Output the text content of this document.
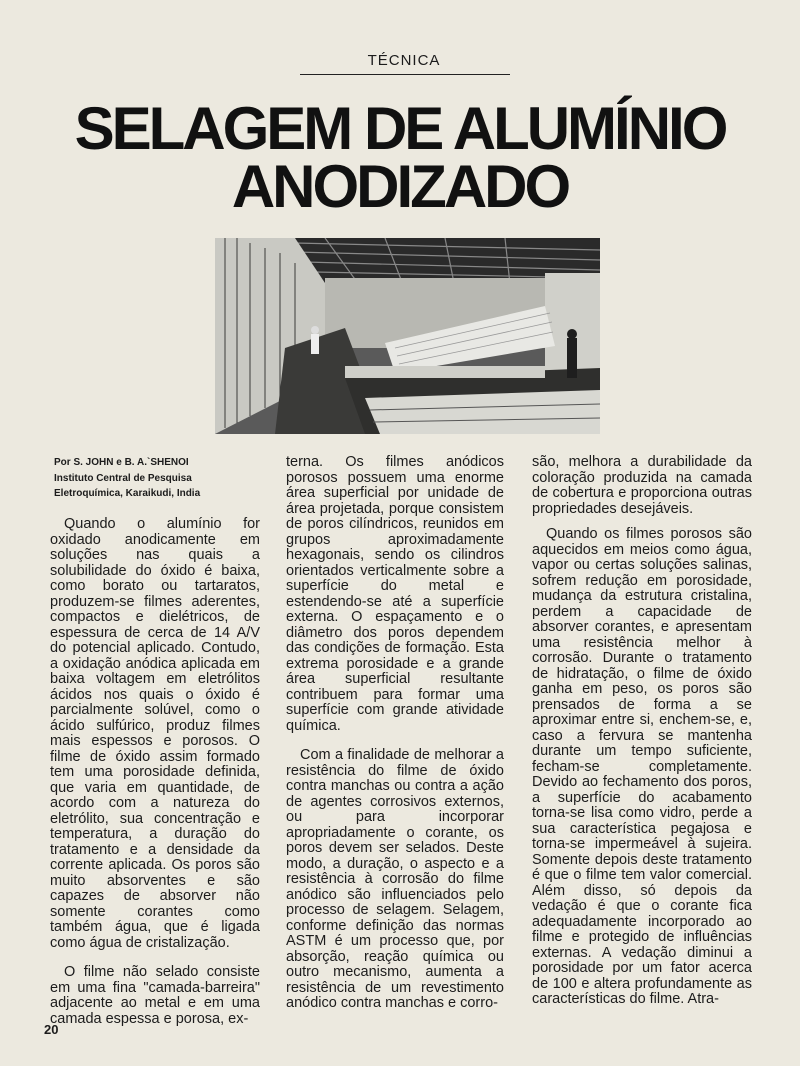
TÉCNICA
SELAGEM DE ALUMÍNIO
ANODIZADO
Por S. JOHN e B. A.`SHENOI
Instituto Central de Pesquisa
Eletroquímica, Karaikudi, India

Quando o alumínio for oxidado anodicamente em soluções nas quais a solubilidade do óxido é baixa, como borato ou tartaratos, produzem-se filmes aderentes, compactos e dielétricos, de espessura de cerca de 14 A/V do potencial aplicado. Contudo, a oxidação anódica aplicada em baixa voltagem em eletrólitos ácidos nos quais o óxido é parcialmente solúvel, como o ácido sulfúrico, produz filmes mais espessos e porosos. O filme de óxido assim formado tem uma porosidade definida, que varia em quantidade, de acordo com a natureza do eletrólito, sua concentração e temperatura, a duração do tratamento e a densidade da corrente aplicada. Os poros são muito absorventes e são capazes de absorver não somente corantes como também água, que é ligada como água de cristalização.

O filme não selado consiste em uma fina "camada-barreira" adjacente ao metal e em uma camada espessa e porosa, ex-

terna. Os filmes anódicos porosos possuem uma enorme área superficial por unidade de área projetada, porque consistem de poros cilíndricos, reunidos em grupos aproximadamente hexagonais, sendo os cilindros orientados verticalmente sobre a superfície do metal e estendendo-se até a superfície externa. O espaçamento e o diâmetro dos poros dependem das condições de formação. Esta extrema porosidade e a grande área superficial resultante contribuem para formar uma superfície com grande atividade química.

Com a finalidade de melhorar a resistência do filme de óxido contra manchas ou contra a ação de agentes corrosivos externos, ou para incorporar apropriadamente o corante, os poros devem ser selados. Deste modo, a duração, o aspecto e a resistência à corrosão do filme anódico são influenciados pelo processo de selagem. Selagem, conforme definição das normas ASTM é um processo que, por absorção, reação química ou outro mecanismo, aumenta a resistência de um revestimento anódico contra manchas e corro-

são, melhora a durabilidade da coloração produzida na camada de cobertura e proporciona outras propriedades desejáveis.

Quando os filmes porosos são aquecidos em meios como água, vapor ou certas soluções salinas, sofrem redução em porosidade, mudança da estrutura cristalina, perdem a capacidade de absorver corantes, e apresentam uma resistência melhor à corrosão. Durante o tratamento de hidratação, o filme de óxido ganha em peso, os poros são prensados de forma a se aproximar entre si, enchem-se, e, caso a fervura se mantenha durante um tempo suficiente, fecham-se completamente. Devido ao fechamento dos poros, a superfície do acabamento torna-se lisa como vidro, perde a sua característica pegajosa e torna-se impermeável à sujeira. Somente depois deste tratamento é que o filme tem valor comercial. Além disso, só depois da vedação é que o corante fica adequadamente incorporado ao filme e protegido de influências externas. A vedação diminui a porosidade por um fator acerca de 100 e altera profundamente as características do filme. Atra-

20
